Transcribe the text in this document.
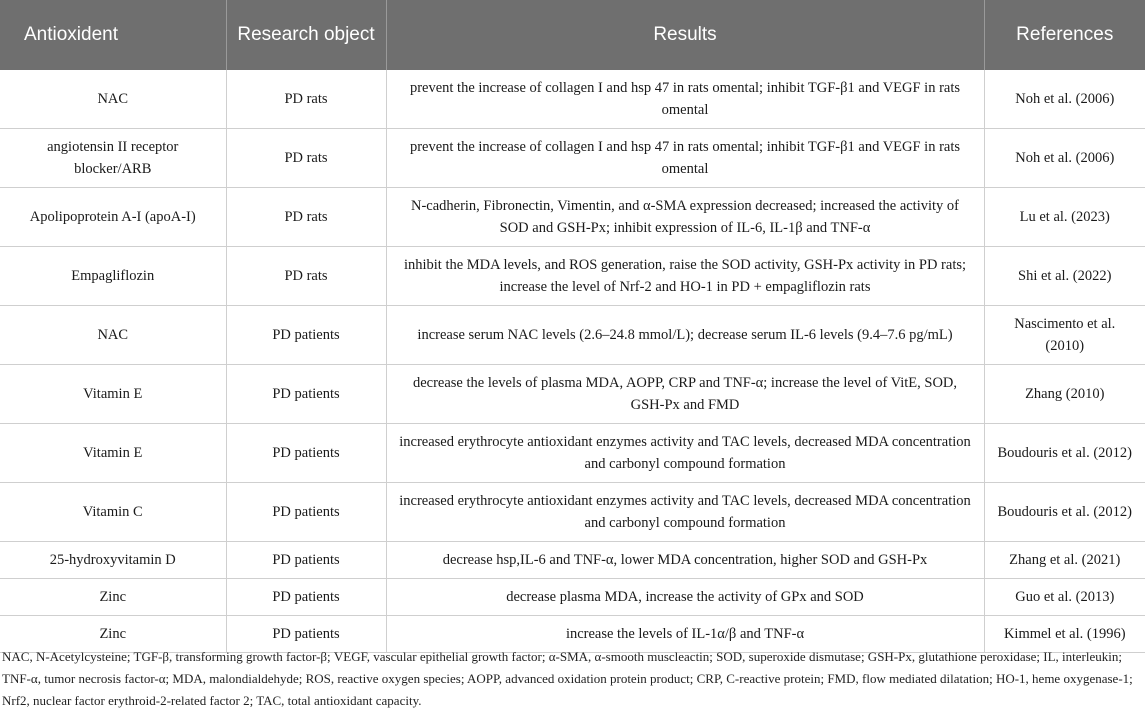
Antioxident	Research object	Results	References
NAC	PD rats	prevent the increase of collagen I and hsp 47 in rats omental; inhibit TGF-β1 and VEGF in rats omental	Noh et al. (2006)
angiotensin II receptor blocker/ARB	PD rats	prevent the increase of collagen I and hsp 47 in rats omental; inhibit TGF-β1 and VEGF in rats omental	Noh et al. (2006)
Apolipoprotein A-I (apoA-I)	PD rats	N-cadherin, Fibronectin, Vimentin, and α-SMA expression decreased; increased the activity of SOD and GSH-Px; inhibit expression of IL-6, IL-1β and TNF-α	Lu et al. (2023)
Empagliflozin	PD rats	inhibit the MDA levels, and ROS generation, raise the SOD activity, GSH-Px activity in PD rats; increase the level of Nrf-2 and HO-1 in PD + empagliflozin rats	Shi et al. (2022)
NAC	PD patients	increase serum NAC levels (2.6–24.8 mmol/L); decrease serum IL-6 levels (9.4–7.6 pg/mL)	Nascimento et al. (2010)
Vitamin E	PD patients	decrease the levels of plasma MDA, AOPP, CRP and TNF-α; increase the level of VitE, SOD, GSH-Px and FMD	Zhang (2010)
Vitamin E	PD patients	increased erythrocyte antioxidant enzymes activity and TAC levels, decreased MDA concentration and carbonyl compound formation	Boudouris et al. (2012)
Vitamin C	PD patients	increased erythrocyte antioxidant enzymes activity and TAC levels, decreased MDA concentration and carbonyl compound formation	Boudouris et al. (2012)
25-hydroxyvitamin D	PD patients	decrease hsp,IL-6 and TNF-α, lower MDA concentration, higher SOD and GSH-Px	Zhang et al. (2021)
Zinc	PD patients	decrease plasma MDA, increase the activity of GPx and SOD	Guo et al. (2013)
Zinc	PD patients	increase the levels of IL-1α/β and TNF-α	Kimmel et al. (1996)
NAC, N-Acetylcysteine; TGF-β, transforming growth factor-β; VEGF, vascular epithelial growth factor; α-SMA, α-smooth muscleactin; SOD, superoxide dismutase; GSH-Px, glutathione peroxidase; IL, interleukin; TNF-α, tumor necrosis factor-α; MDA, malondialdehyde; ROS, reactive oxygen species; AOPP, advanced oxidation protein product; CRP, C-reactive protein; FMD, flow mediated dilatation; HO-1, heme oxygenase-1; Nrf2, nuclear factor erythroid-2-related factor 2; TAC, total antioxidant capacity.
